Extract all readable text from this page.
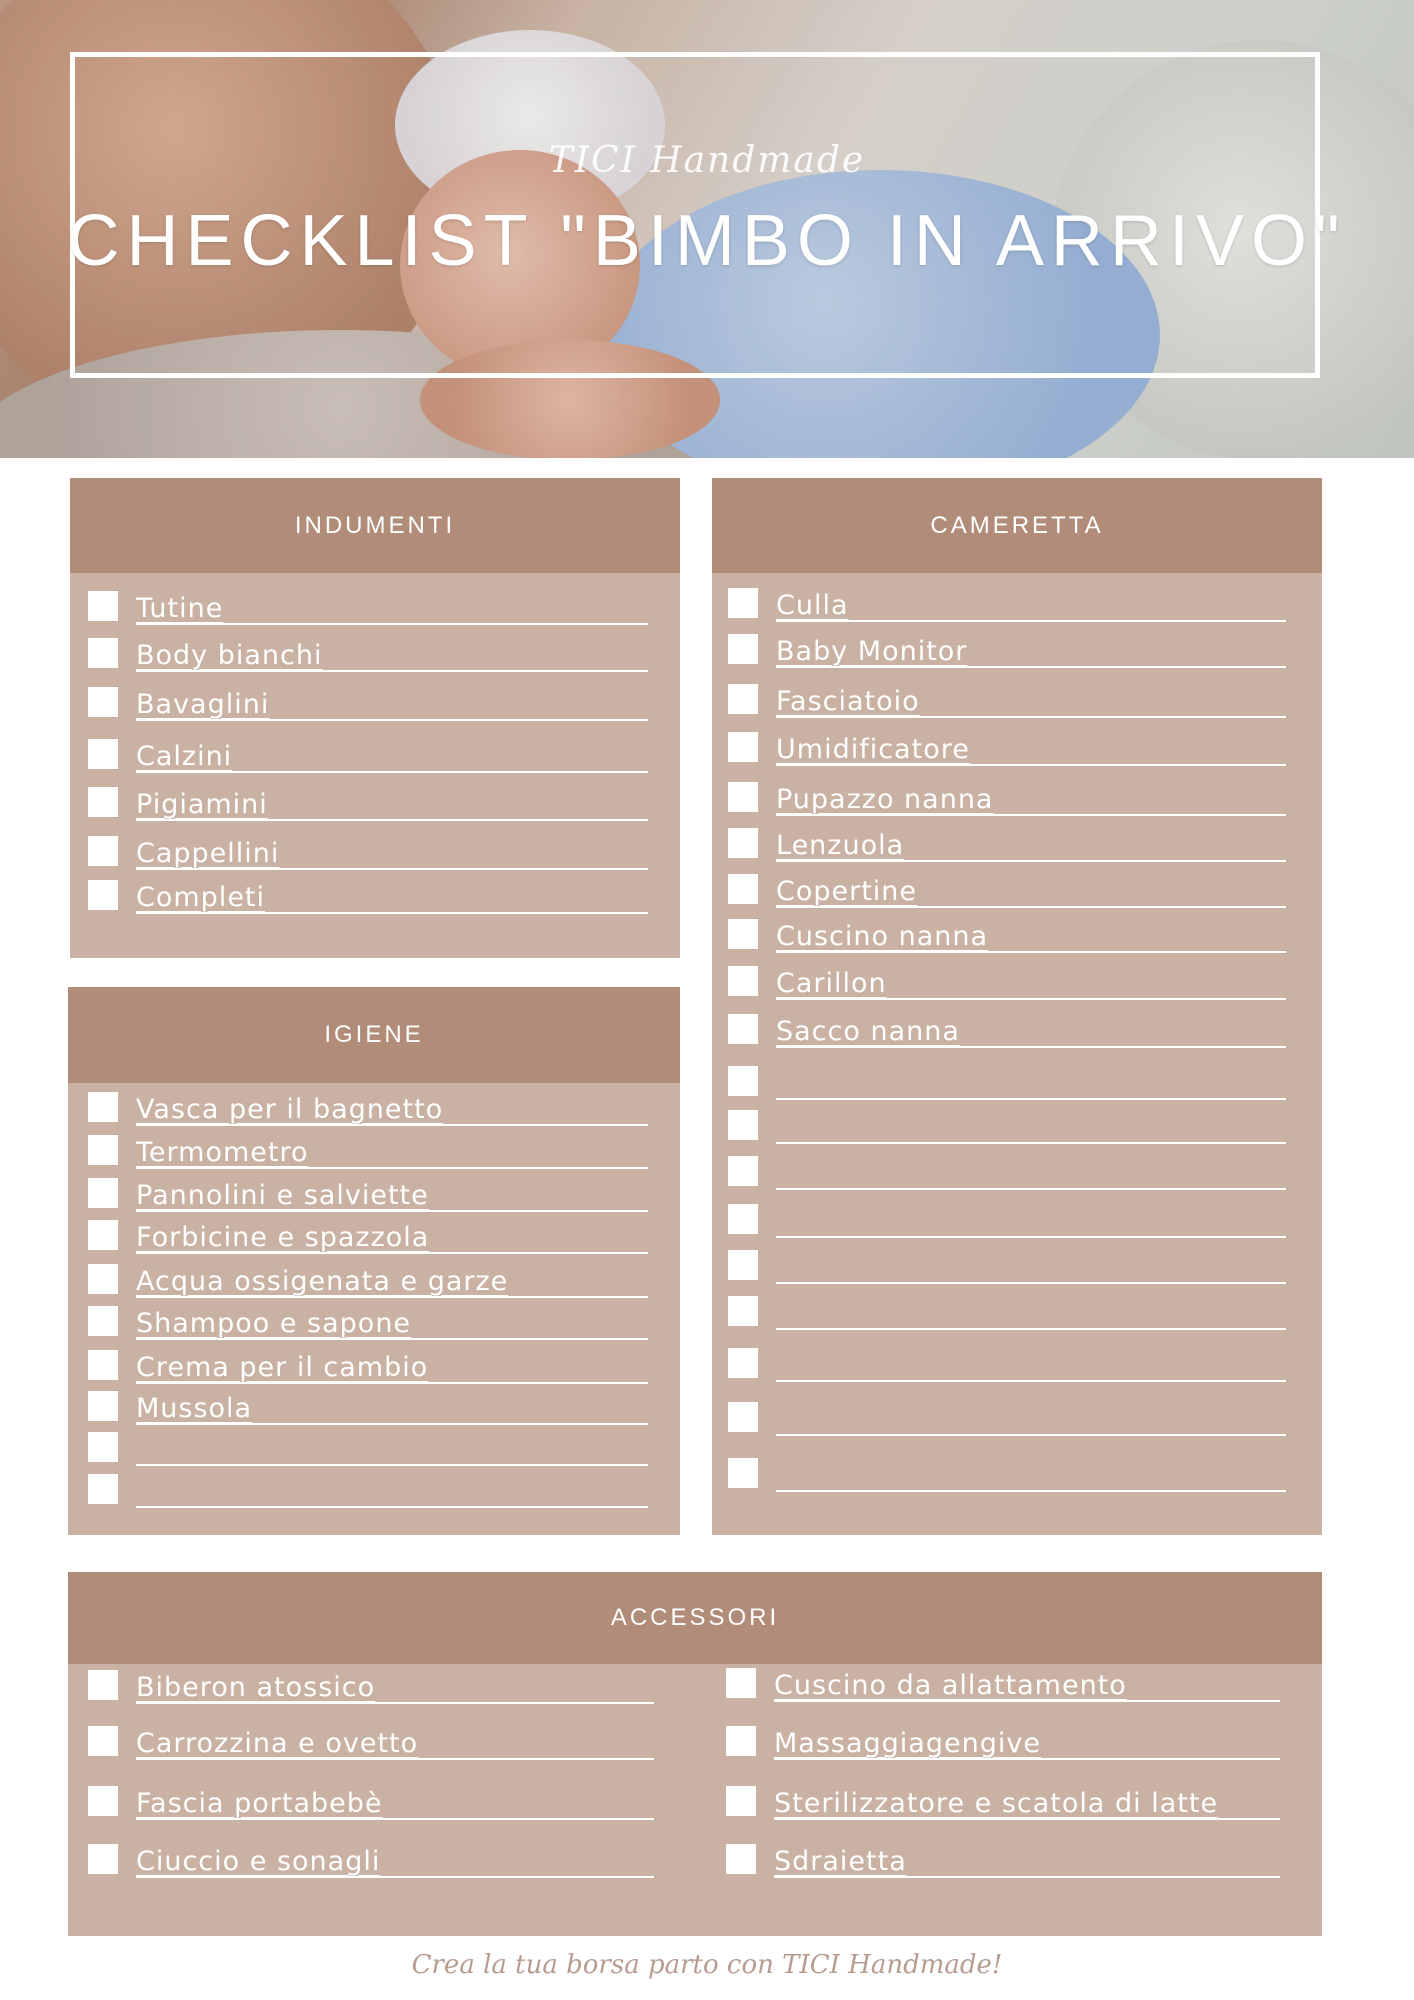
TICI Handmade
CHECKLIST "BIMBO IN ARRIVO"
INDUMENTI
Tutine
Body bianchi
Bavaglini
Calzini
Pigiamini
Cappellini
Completi
IGIENE
Vasca per il bagnetto
Termometro
Pannolini e salviette
Forbicine e spazzola
Acqua ossigenata e garze
Shampoo e sapone
Crema per il cambio
Mussola
CAMERETTA
Culla
Baby Monitor
Fasciatoio
Umidificatore
Pupazzo nanna
Lenzuola
Copertine
Cuscino nanna
Carillon
Sacco nanna
ACCESSORI
Biberon atossico
Carrozzina e ovetto
Fascia portabebè
Ciuccio e sonagli
Cuscino da allattamento
Massaggiagengive
Sterilizzatore e scatola di latte
Sdraietta
Crea la tua borsa parto con TICI Handmade!
